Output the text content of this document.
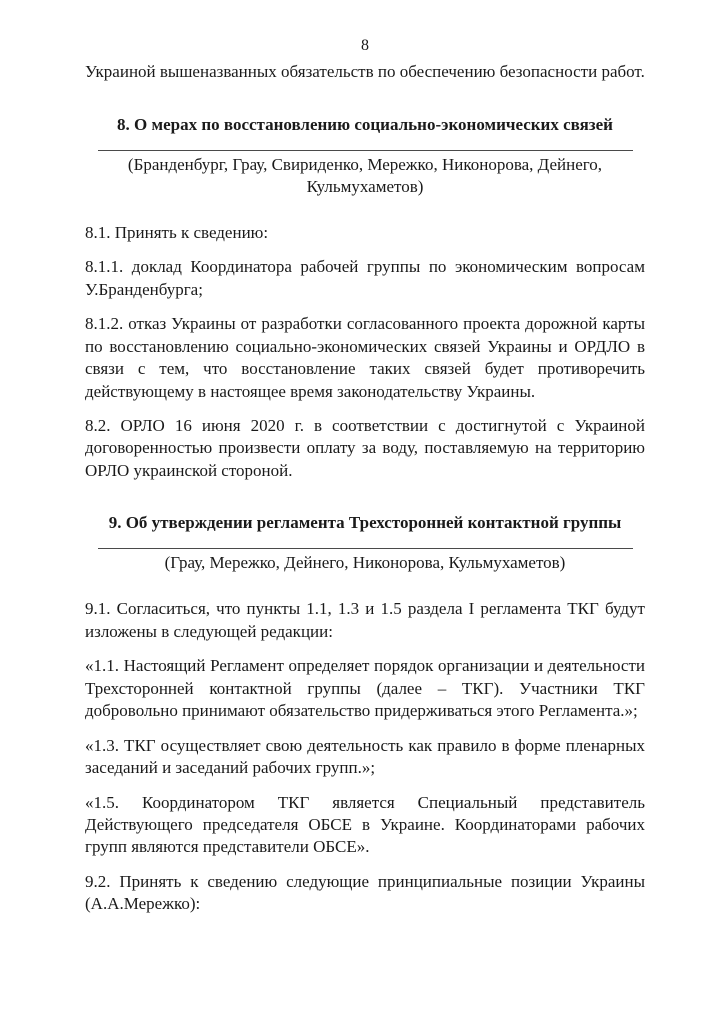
8

Украиной вышеназванных обязательств по обеспечению безопасности работ.

8. О мерах по восстановлению социально-экономических связей

(Бранденбург, Грау, Свириденко, Мережко, Никонорова, Дейнего, Кульмухаметов)

8.1. Принять к сведению:

8.1.1. доклад Координатора рабочей группы по экономическим вопросам У.Бранденбурга;

8.1.2. отказ Украины от разработки согласованного проекта дорожной карты по восстановлению социально-экономических связей Украины и ОРДЛО в связи с тем, что восстановление таких связей будет противоречить действующему в настоящее время законодательству Украины.

8.2. ОРЛО 16 июня 2020 г. в соответствии с достигнутой с Украиной договоренностью произвести оплату за воду, поставляемую на территорию ОРЛО украинской стороной.

9. Об утверждении регламента Трехсторонней контактной группы

(Грау, Мережко, Дейнего, Никонорова, Кульмухаметов)

9.1. Согласиться, что пункты 1.1, 1.3 и 1.5 раздела I регламента ТКГ будут изложены в следующей редакции:

«1.1. Настоящий Регламент определяет порядок организации и деятельности Трехсторонней контактной группы (далее – ТКГ). Участники ТКГ добровольно принимают обязательство придерживаться этого Регламента.»;

«1.3. ТКГ осуществляет свою деятельность как правило в форме пленарных заседаний и заседаний рабочих групп.»;

«1.5. Координатором ТКГ является Специальный представитель Действующего председателя ОБСЕ в Украине. Координаторами рабочих групп являются представители ОБСЕ».

9.2. Принять к сведению следующие принципиальные позиции Украины (А.А.Мережко):
